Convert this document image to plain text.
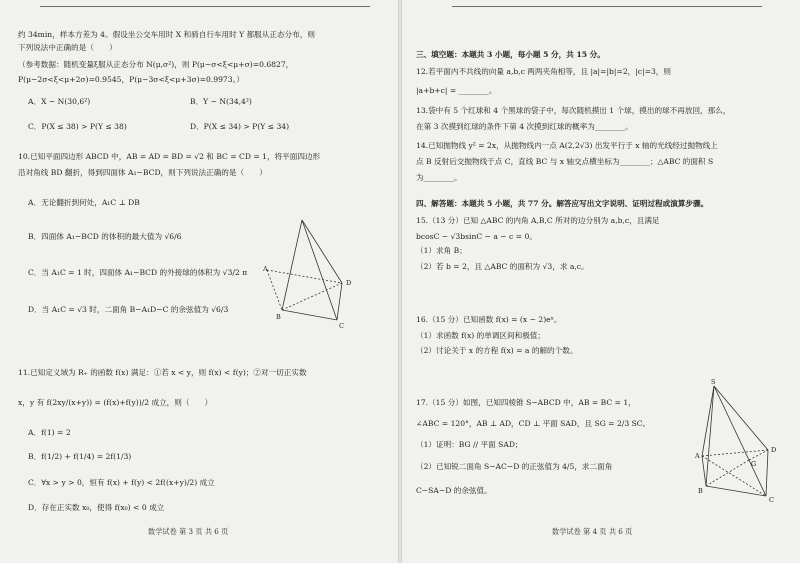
约 34min，样本方差为 4。假设坐公交车用时 X 和骑自行车用时 Y 都服从正态分布，则
下列说法中正确的是（　　）
（参考数据：随机变量ξ服从正态分布 N(μ,σ²)，则 P(μ−σ<ξ<μ+σ)=0.6827，
P(μ−2σ<ξ<μ+2σ)=0.9545，P(μ−3σ<ξ<μ+3σ)=0.9973。）
A．X ~ N(30,6²)	B．Y ~ N(34,4²)
C．P(X ≤ 38) > P(Y ≤ 38)	D．P(X ≤ 34) > P(Y ≤ 34)
10.已知平面四边形 ABCD 中，AB = AD = BD = √2 和 BC = CD = 1，将平面四边形
沿对角线 BD 翻折，得到四面体 A₁−BCD，则下列说法正确的是（　　）
A．无论翻折到何处，A₁C ⊥ DB
B．四面体 A₁−BCD 的体积的最大值为 √6/6
C．当 A₁C = 1 时，四面体 A₁−BCD 的外接球的体积为 √3/2 π
D．当 A₁C = √3 时，二面角 B−A₁D−C 的余弦值为 √6/3
A
B
C
D
11.已知定义域为 R₊ 的函数 f(x) 满足：①若 x < y，则 f(x) < f(y)；②对一切正实数
x，y 有 f(2xy/(x+y)) = (f(x)+f(y))/2 成立，则（　　）
A．f(1) = 2
B．f(1/2) + f(1/4) = 2f(1/3)
C．∀x > y > 0，恒有 f(x) + f(y) < 2f((x+y)/2) 成立
D．存在正实数 x₀，使得 f(x₀) < 0 成立
数学试卷 第 3 页 共 6 页
三、填空题：本题共 3 小题，每小题 5 分，共 15 分。
12.若平面内不共线的向量 a,b,c 两两夹角相等，且 |a|=|b|=2，|c|=3，则
|a+b+c| = ________。
13.袋中有 5 个红球和 4 个黑球的袋子中，每次随机摸出 1 个球，摸出的球不再放回，那么，
在第 3 次摸到红球的条件下第 4 次摸到红球的概率为________。
14.已知抛物线 y² = 2x，从抛物线内一点 A(2,2√3) 出发平行于 x 轴的光线经过抛物线上
点 B 反射后交抛物线于点 C，直线 BC 与 x 轴交点横坐标为________；△ABC 的面积 S
为________。
四、解答题：本题共 5 小题，共 77 分。解答应写出文字说明、证明过程或演算步骤。
15.（13 分）已知 △ABC 的内角 A,B,C 所对的边分别为 a,b,c，且满足
bcosC − √3bsinC − a − c = 0。
（1）求角 B；
（2）若 b = 2，且 △ABC 的面积为 √3，求 a,c。
16.（15 分）已知函数 f(x) = (x − 2)eˣ。
（1）求函数 f(x) 的单调区间和极值；
（2）讨论关于 x 的方程 f(x) = a 的解的个数。
17.（15 分）如图，已知四棱锥 S−ABCD 中，AB = BC = 1，
∠ABC = 120°，AB ⊥ AD，CD ⊥ 平面 SAD，且 SG = 2/3 SC。
（1）证明：BG // 平面 SAD；
（2）已知锐二面角 S−AC−D 的正弦值为 4/5，求二面角
C−SA−D 的余弦值。
S
A
B
C
D
G
数学试卷 第 4 页 共 6 页
